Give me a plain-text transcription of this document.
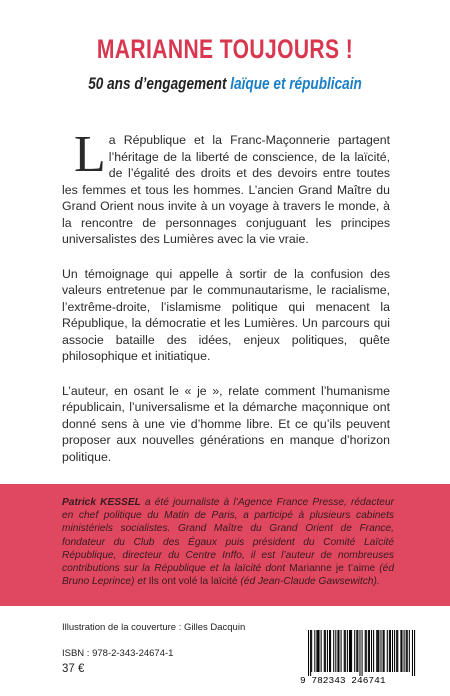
MARIANNE TOUJOURS !
50 ans d’engagement laïque et républicain

La République et la Franc-Maçonnerie partagent l’héritage de la liberté de conscience, de la laïcité, de l’égalité des droits et des devoirs entre toutes les femmes et tous les hommes. L’ancien Grand Maître du Grand Orient nous invite à un voyage à travers le monde, à la rencontre de personnages conjuguant les principes universalistes des Lumières avec la vie vraie.

Un témoignage qui appelle à sortir de la confusion des valeurs entretenue par le communautarisme, le racialisme, l’extrême-droite, l’islamisme politique qui menacent la République, la démocratie et les Lumières. Un parcours qui associe bataille des idées, enjeux politiques, quête philosophique et initiatique.

L’auteur, en osant le « je », relate comment l’humanisme républicain, l’universalisme et la démarche maçonnique ont donné sens à une vie d’homme libre. Et ce qu’ils peuvent proposer aux nouvelles générations en manque d’horizon politique.

Patrick KESSEL a été journaliste à l’Agence France Presse, rédacteur en chef politique du Matin de Paris, a participé à plusieurs cabinets ministériels socialistes. Grand Maître du Grand Orient de France, fondateur du Club des Égaux puis président du Comité Laïcité République, directeur du Centre Inffo, il est l’auteur de nombreuses contributions sur la République et la laïcité dont Marianne je t’aime (éd Bruno Leprince) et Ils ont volé la laïcité (éd Jean-Claude Gawsewitch).
Illustration de la couverture : Gilles Dacquin
ISBN : 978-2-343-24674-1
37 €
9 782343 246741
